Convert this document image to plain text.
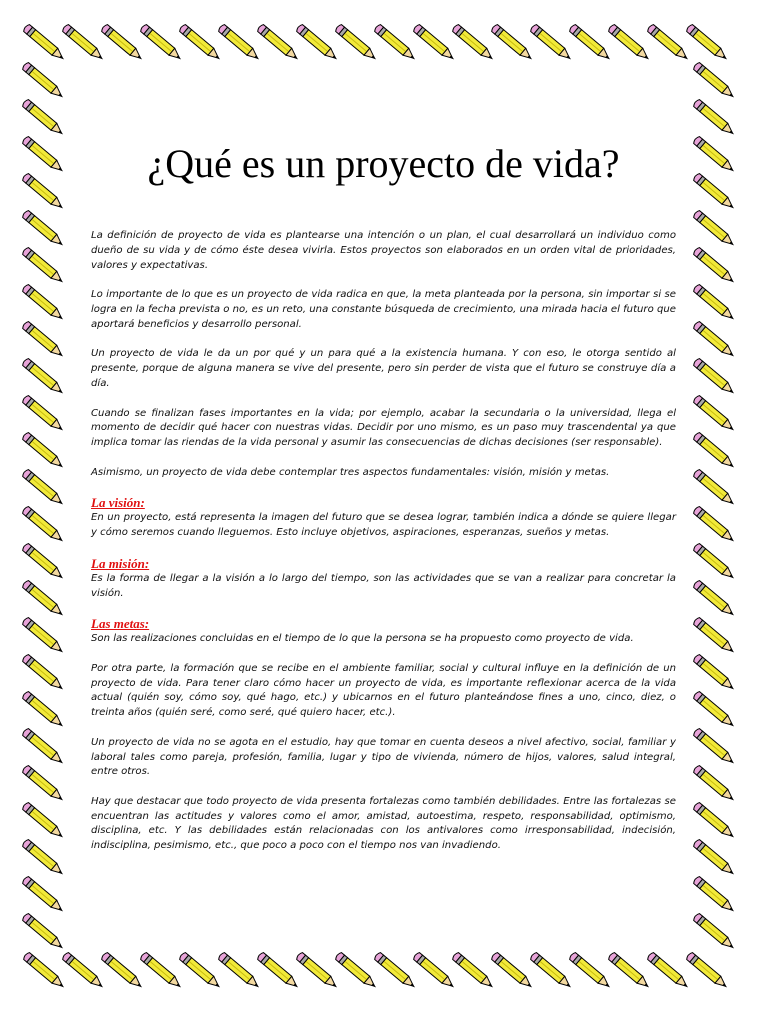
¿Qué es un proyecto de vida?

La definición de proyecto de vida es plantearse una intención o un plan, el cual desarrollará un individuo como dueño de su vida y de cómo éste desea vivirla. Estos proyectos son elaborados en un orden vital de prioridades, valores y expectativas.

Lo importante de lo que es un proyecto de vida radica en que, la meta planteada por la persona, sin importar si se logra en la fecha prevista o no, es un reto, una constante búsqueda de crecimiento, una mirada hacia el futuro que aportará beneficios y desarrollo personal.

Un proyecto de vida le da un por qué y un para qué a la existencia humana. Y con eso, le otorga sentido al presente, porque de alguna manera se vive del presente, pero sin perder de vista que el futuro se construye día a día.

Cuando se finalizan fases importantes en la vida; por ejemplo, acabar la secundaria o la universidad, llega el momento de decidir qué hacer con nuestras vidas. Decidir por uno mismo, es un paso muy trascendental ya que implica tomar las riendas de la vida personal y asumir las consecuencias de dichas decisiones (ser responsable).

Asimismo, un proyecto de vida debe contemplar tres aspectos fundamentales: visión, misión y metas.

La visión:

En un proyecto, está representa la imagen del futuro que se desea lograr, también indica a dónde se quiere llegar y cómo seremos cuando lleguemos. Esto incluye objetivos, aspiraciones, esperanzas, sueños y metas.

La misión:

Es la forma de llegar a la visión a lo largo del tiempo, son las actividades que se van a realizar para concretar la visión.

Las metas:

Son las realizaciones concluidas en el tiempo de lo que la persona se ha propuesto como proyecto de vida.

Por otra parte, la formación que se recibe en el ambiente familiar, social y cultural influye en la definición de un proyecto de vida. Para tener claro cómo hacer un proyecto de vida, es importante reflexionar acerca de la vida actual (quién soy, cómo soy, qué hago, etc.) y ubicarnos en el futuro planteándose fines a uno, cinco, diez, o treinta años (quién seré, como seré, qué quiero hacer, etc.).

Un proyecto de vida no se agota en el estudio, hay que tomar en cuenta deseos a nivel afectivo, social, familiar y laboral tales como pareja, profesión, familia, lugar y tipo de vivienda, número de hijos, valores, salud integral, entre otros.

Hay que destacar que todo proyecto de vida presenta fortalezas como también debilidades. Entre las fortalezas se encuentran las actitudes y valores como el amor, amistad, autoestima, respeto, responsabilidad, optimismo, disciplina, etc. Y las debilidades están relacionadas con los antivalores como irresponsabilidad, indecisión, indisciplina, pesimismo, etc., que poco a poco con el tiempo nos van invadiendo.
